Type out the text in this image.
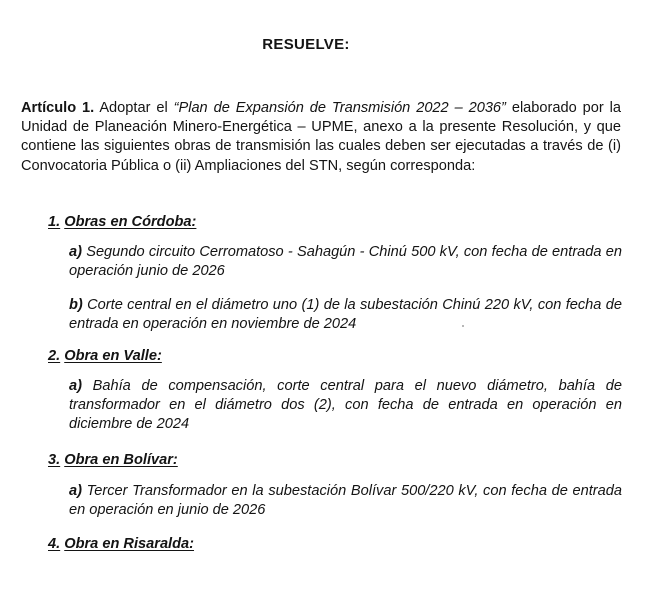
RESUELVE:

Artículo 1. Adoptar el “Plan de Expansión de Transmisión 2022 – 2036” elaborado por la Unidad de Planeación Minero-Energética – UPME, anexo a la presente Resolución, y que contiene las siguientes obras de transmisión las cuales deben ser ejecutadas a través de (i) Convocatoria Pública o (ii) Ampliaciones del STN, según corresponda:

1. Obras en Córdoba:

a) Segundo circuito Cerromatoso - Sahagún - Chinú 500 kV, con fecha de entrada en operación junio de 2026

b) Corte central en el diámetro uno (1) de la subestación Chinú 220 kV, con fecha de entrada en operación en noviembre de 2024

2. Obra en Valle:

a) Bahía de compensación, corte central para el nuevo diámetro, bahía de transformador en el diámetro dos (2), con fecha de entrada en operación en diciembre de 2024

3. Obra en Bolívar:

a) Tercer Transformador en la subestación Bolívar 500/220 kV, con fecha de entrada en operación en junio de 2026

4. Obra en Risaralda:
